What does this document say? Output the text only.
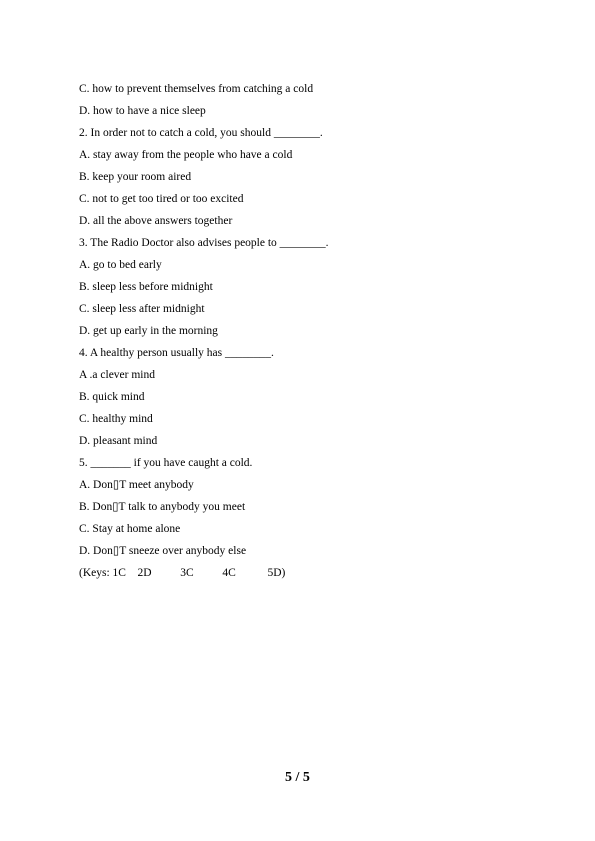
C. how to prevent themselves from catching a cold
D. how to have a nice sleep
2. In order not to catch a cold, you should ________.
A. stay away from the people who have a cold
B. keep your room aired
C. not to get too tired or too excited
D. all the above answers together
3. The Radio Doctor also advises people to ________.
A. go to bed early
B. sleep less before midnight
C. sleep less after midnight
D. get up early in the morning
4. A healthy person usually has ________.
A .a clever mind
B. quick mind
C. healthy mind
D. pleasant mind
5. _______ if you have caught a cold.
A. Don▯T meet anybody
B. Don▯T talk to anybody you meet
C. Stay at home alone
D. Don▯T sneeze over anybody else
(Keys: 1C    2D          3C          4C           5D)
5 / 5
